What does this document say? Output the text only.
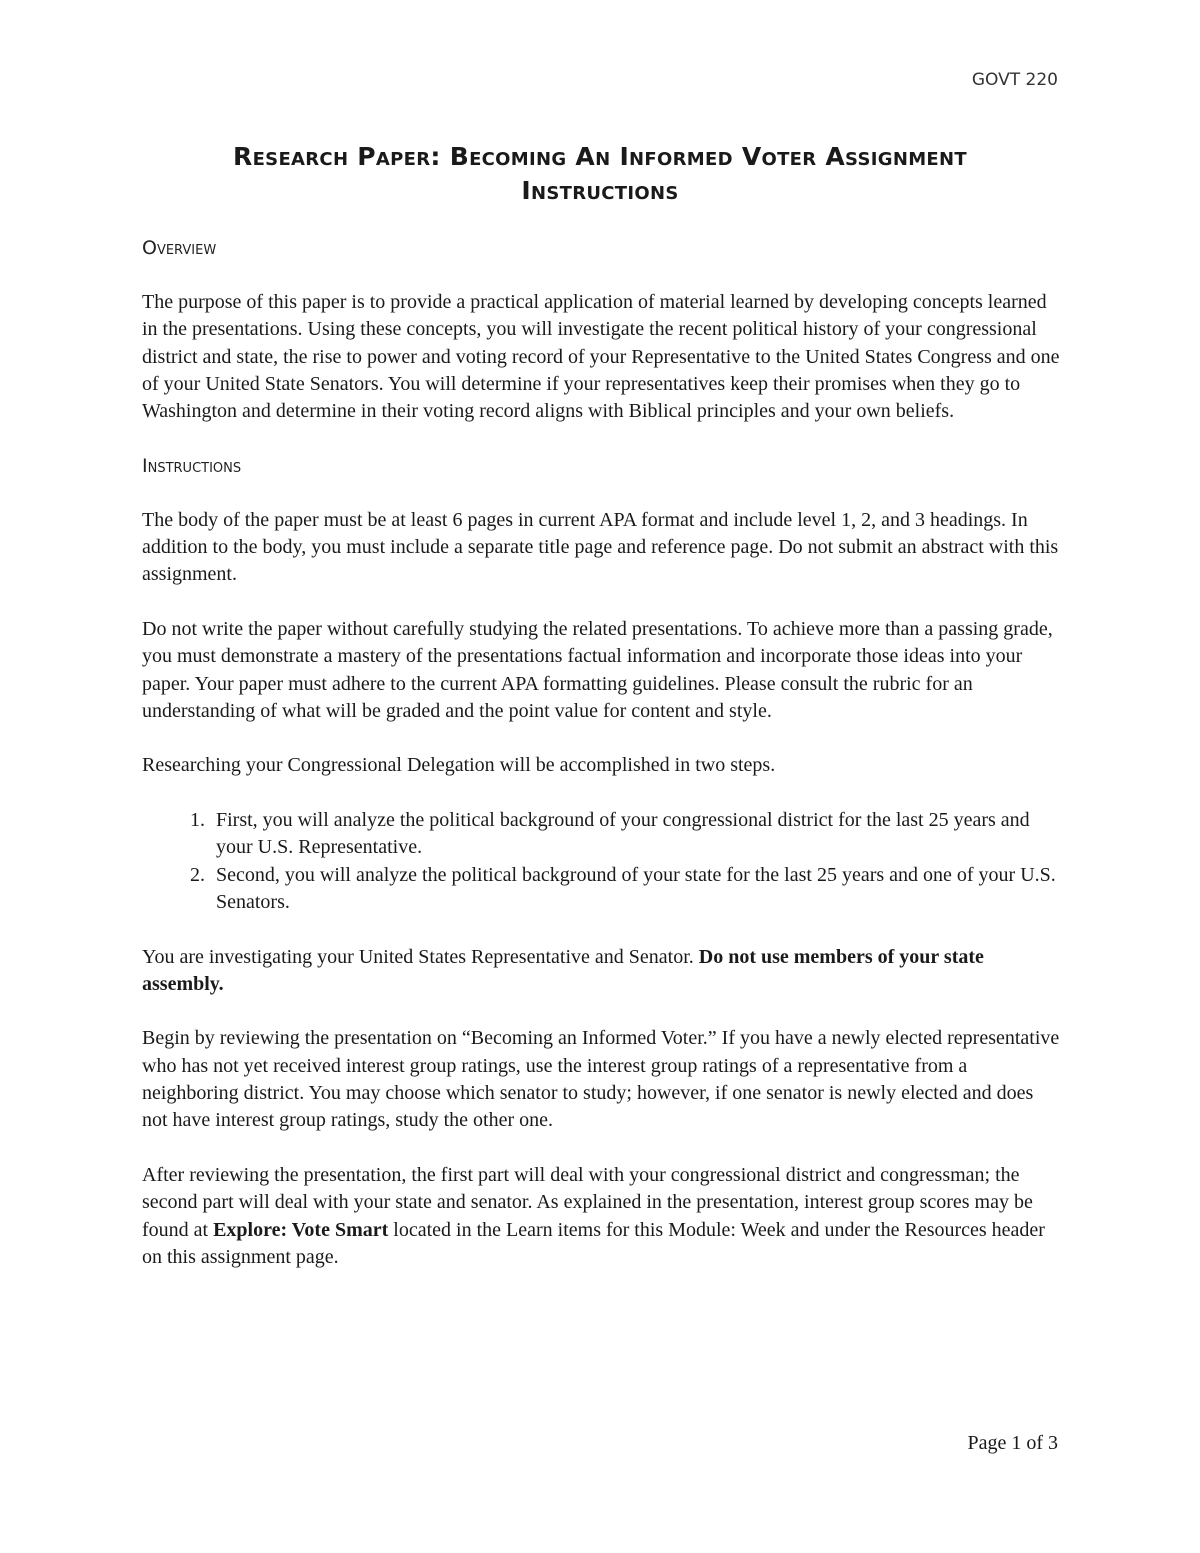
GOVT 220
Research Paper: Becoming An Informed Voter Assignment
Instructions
Overview

The purpose of this paper is to provide a practical application of material learned by developing concepts learned in the presentations. Using these concepts, you will investigate the recent political history of your congressional district and state, the rise to power and voting record of your Representative to the United States Congress and one of your United State Senators. You will determine if your representatives keep their promises when they go to Washington and determine in their voting record aligns with Biblical principles and your own beliefs.

Instructions

The body of the paper must be at least 6 pages in current APA format and include level 1, 2, and 3 headings. In addition to the body, you must include a separate title page and reference page. Do not submit an abstract with this assignment.

Do not write the paper without carefully studying the related presentations. To achieve more than a passing grade, you must demonstrate a mastery of the presentations factual information and incorporate those ideas into your paper. Your paper must adhere to the current APA formatting guidelines. Please consult the rubric for an understanding of what will be graded and the point value for content and style.

Researching your Congressional Delegation will be accomplished in two steps.

1. First, you will analyze the political background of your congressional district for the last 25 years and your U.S. Representative.
2. Second, you will analyze the political background of your state for the last 25 years and one of your U.S. Senators.

You are investigating your United States Representative and Senator. Do not use members of your state assembly.

Begin by reviewing the presentation on “Becoming an Informed Voter.” If you have a newly elected representative who has not yet received interest group ratings, use the interest group ratings of a representative from a neighboring district. You may choose which senator to study; however, if one senator is newly elected and does not have interest group ratings, study the other one.

After reviewing the presentation, the first part will deal with your congressional district and congressman; the second part will deal with your state and senator. As explained in the presentation, interest group scores may be found at Explore: Vote Smart located in the Learn items for this Module: Week and under the Resources header on this assignment page.

Page 1 of 3
